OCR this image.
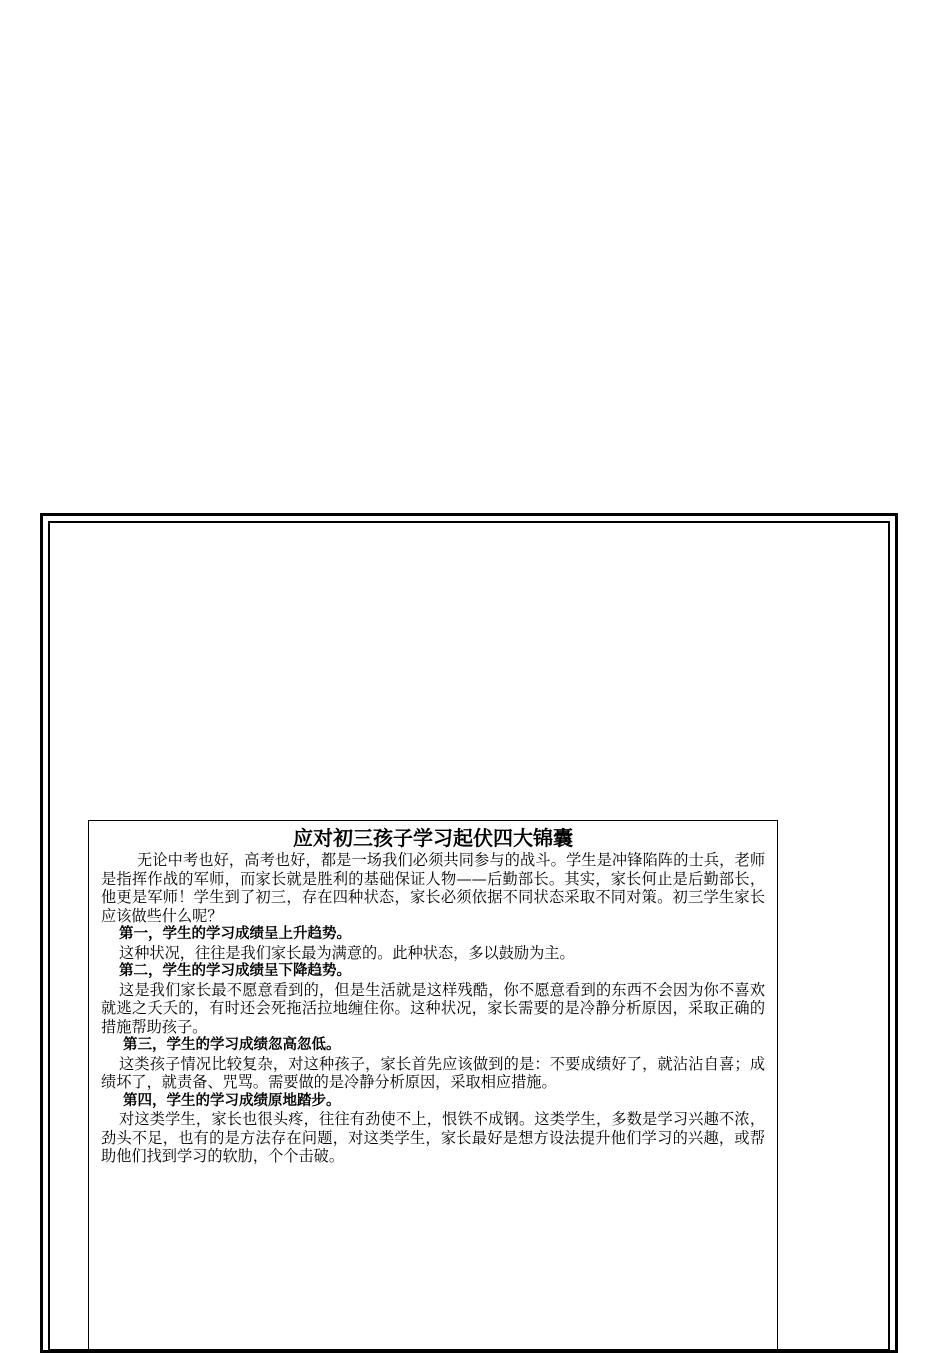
应对初三孩子学习起伏四大锦囊

无论中考也好，高考也好，都是一场我们必须共同参与的战斗。学生是冲锋陷阵的士兵，老师是指挥作战的军师，而家长就是胜利的基础保证人物——后勤部长。其实，家长何止是后勤部长，他更是军师！学生到了初三，存在四种状态，家长必须依据不同状态采取不同对策。初三学生家长应该做些什么呢？

第一，学生的学习成绩呈上升趋势。

这种状况，往往是我们家长最为满意的。此种状态，多以鼓励为主。

第二，学生的学习成绩呈下降趋势。

这是我们家长最不愿意看到的，但是生活就是这样残酷，你不愿意看到的东西不会因为你不喜欢就逃之夭夭的，有时还会死拖活拉地缠住你。这种状况，家长需要的是冷静分析原因，采取正确的措施帮助孩子。

第三，学生的学习成绩忽高忽低。

这类孩子情况比较复杂，对这种孩子，家长首先应该做到的是：不要成绩好了，就沾沾自喜；成绩坏了，就责备、咒骂。需要做的是冷静分析原因，采取相应措施。

第四，学生的学习成绩原地踏步。

对这类学生，家长也很头疼，往往有劲使不上，恨铁不成钢。这类学生，多数是学习兴趣不浓，劲头不足，也有的是方法存在问题，对这类学生，家长最好是想方设法提升他们学习的兴趣，或帮助他们找到学习的软肋，个个击破。
